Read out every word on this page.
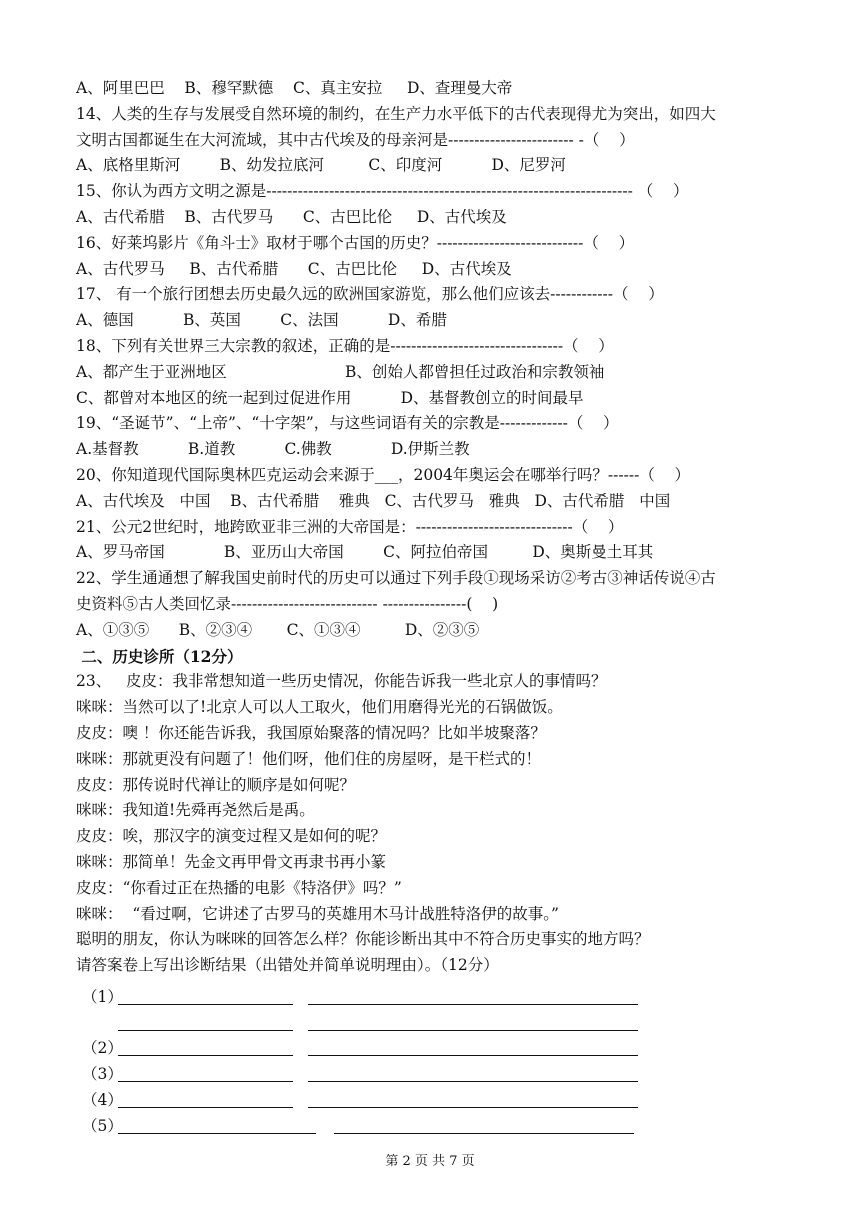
A、阿里巴巴    B、穆罕默德    C、真主安拉     D、查理曼大帝
14、人类的生存与发展受自然环境的制约，在生产力水平低下的古代表现得尤为突出，如四大
文明古国都诞生在大河流域，其中古代埃及的母亲河是------------------------ -（    ）
A、底格里斯河        B、幼发拉底河         C、印度河          D、尼罗河
15、你认为西方文明之源是---------------------------------------------------------------------- （    ）
A、古代希腊    B、古代罗马      C、古巴比伦     D、古代埃及
16、好莱坞影片《角斗士》取材于哪个古国的历史？----------------------------（    ）
A、古代罗马     B、古代希腊      C、古巴比伦     D、古代埃及
17、 有一个旅行团想去历史最久远的欧洲国家游览，那么他们应该去------------（    ）
A、德国          B、英国        C、法国          D、希腊
18、下列有关世界三大宗教的叙述，正确的是---------------------------------（    ）
A、都产生于亚洲地区                        B、创始人都曾担任过政治和宗教领袖
C、都曾对本地区的统一起到过促进作用          D、基督教创立的时间最早
19、“圣诞节”、“上帝”、“十字架”，与这些词语有关的宗教是-------------（    ）
A.基督教          B.道教          C.佛教            D.伊斯兰教
20、你知道现代国际奥林匹克运动会来源于___，2004年奥运会在哪举行吗？------（    ）
A、古代埃及   中国    B、古代希腊    雅典   C、古代罗马   雅典   D、古代希腊   中国
21、公元2世纪时，地跨欧亚非三洲的大帝国是：------------------------------（    ）
A、罗马帝国            B、亚历山大帝国        C、阿拉伯帝国         D、奥斯曼土耳其
22、学生通通想了解我国史前时代的历史可以通过下列手段①现场采访②考古③神话传说④古
史资料⑤古人类回忆录---------------------------- ----------------(    )
A、①③⑤      B、②③④       C、①③④         D、②③⑤
二、历史诊所（12分）
23、   皮皮：我非常想知道一些历史情况，你能告诉我一些北京人的事情吗？
咪咪：当然可以了!北京人可以人工取火，他们用磨得光光的石锅做饭。
皮皮：噢 ！你还能告诉我，我国原始聚落的情况吗？比如半坡聚落？
咪咪：那就更没有问题了！他们呀，他们住的房屋呀，是干栏式的！
皮皮：那传说时代禅让的顺序是如何呢？
咪咪：我知道!先舜再尧然后是禹。
皮皮：唉，那汉字的演变过程又是如何的呢？
咪咪：那简单！先金文再甲骨文再隶书再小篆
皮皮：“你看过正在热播的电影《特洛伊》吗？”
咪咪：  “看过啊，它讲述了古罗马的英雄用木马计战胜特洛伊的故事。”
聪明的朋友，你认为咪咪的回答怎么样？你能诊断出其中不符合历史事实的地方吗？
请答案卷上写出诊断结果（出错处并简单说明理由）。（12分）
（1）
（2）
（3）
（4）
（5）
第 2 页 共 7 页
